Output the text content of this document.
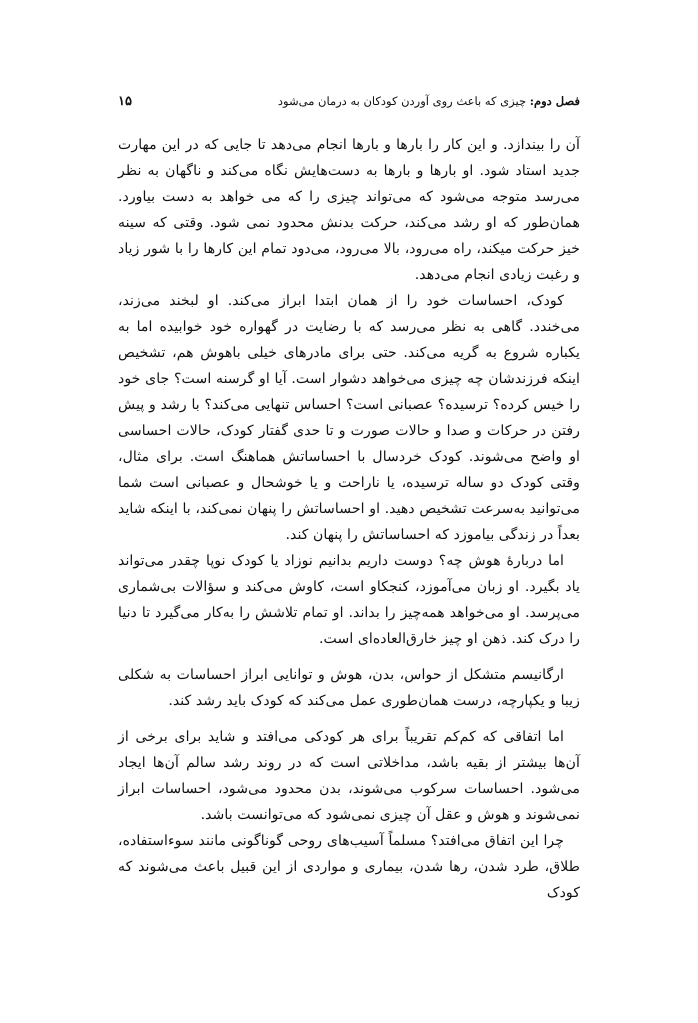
فصل دوم: چیزی که باعث روی آوردن کودکان به درمان می‌شود
۱۵

آن را بیندازد. و این کار را بارها و بارها انجام می‌دهد تا جایی که در این مهارت جدید استاد شود. او بارها و بارها به دست‌هایش نگاه می‌کند و ناگهان به نظر می‌رسد متوجه می‌شود که می‌تواند چیزی را که می خواهد به دست بیاورد. همان‌طور که او رشد می‌کند، حرکت بدنش محدود نمی شود. وقتی که سینه خیز حرکت میکند، راه می‌رود، بالا می‌رود، می‌دود تمام این کارها را با شور زیاد و رغبت زیادی انجام می‌دهد.

کودک، احساسات خود را از همان ابتدا ابراز می‌کند. او لبخند می‌زند، می‌خندد. گاهی به نظر می‌رسد که با رضایت در گهواره خود خوابیده اما به یکباره شروع به گریه می‌کند. حتی برای مادرهای خیلی باهوش هم، تشخیص اینکه فرزندشان چه چیزی می‌خواهد دشوار است. آیا او گرسنه است؟ جای خود را خیس کرده؟ ترسیده؟ عصبانی است؟ احساس تنهایی می‌کند؟ با رشد و پیش رفتن در حرکات و صدا و حالات صورت و تا حدی گفتار کودک، حالات احساسی او واضح می‌شوند. کودک خردسال با احساساتش هماهنگ است. برای مثال، وقتی کودک دو ساله ترسیده، یا ناراحت و یا خوشحال و عصبانی است شما می‌توانید به‌سرعت تشخیص دهید. او احساساتش را پنهان نمی‌کند، با اینکه شاید بعداً در زندگی بیاموزد که احساساتش را پنهان کند.

اما دربارهٔ هوش چه؟ دوست داریم بدانیم نوزاد یا کودک نوپا چقدر می‌تواند یاد بگیرد. او زبان می‌آموزد، کنجکاو است، کاوش می‌کند و سؤالات بی‌شماری می‌پرسد. او می‌خواهد همه‌چیز را بداند. او تمام تلاشش را به‌کار می‌گیرد تا دنیا را درک کند. ذهن او چیز خارق‌العاده‌ای است.

ارگانیسم متشکل از حواس، بدن، هوش و توانایی ابراز احساسات به شکلی زیبا و یکپارچه، درست همان‌طوری عمل می‌کند که کودک باید رشد کند.

اما اتفاقی که کم‌کم تقریباً برای هر کودکی می‌افتد و شاید برای برخی از آن‌ها بیشتر از بقیه باشد، مداخلاتی است که در روند رشد سالم آن‌ها ایجاد می‌شود. احساسات سرکوب می‌شوند، بدن محدود می‌شود، احساسات ابراز نمی‌شوند و هوش و عقل آن چیزی نمی‌شود که می‌توانست باشد.

چرا این اتفاق می‌افتد؟ مسلماً آسیب‌های روحی گوناگونی مانند سوءاستفاده، طلاق، طرد شدن، رها شدن، بیماری و مواردی از این قبیل باعث می‌شوند که کودک
